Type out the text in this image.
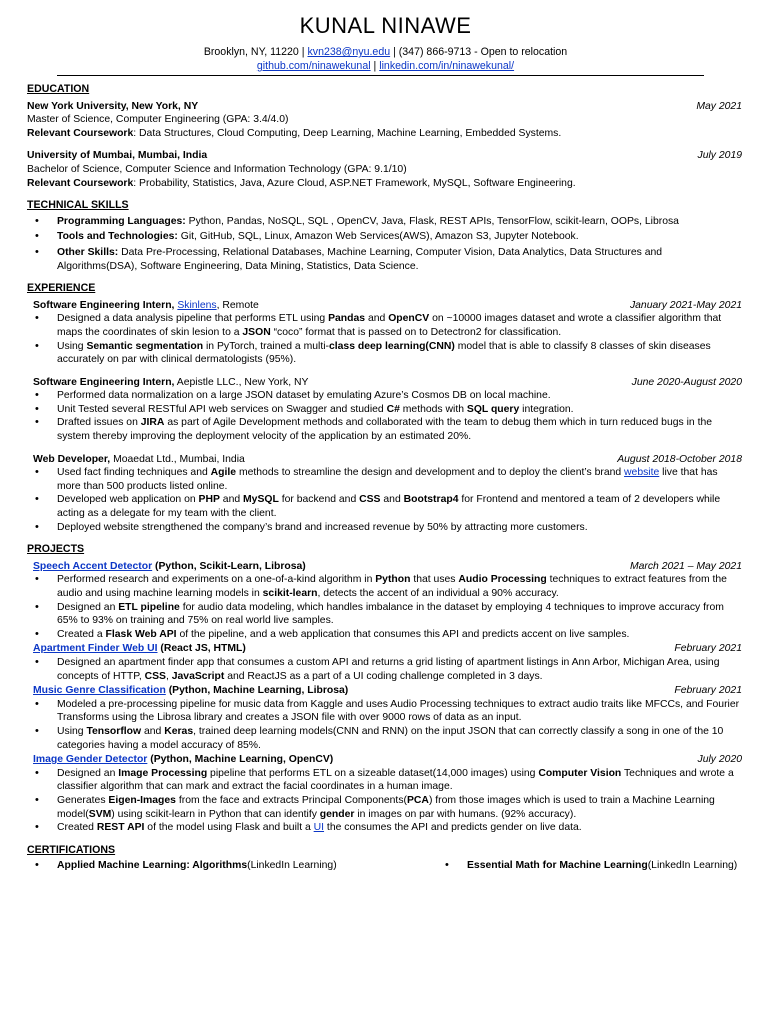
KUNAL NINAWE
Brooklyn, NY, 11220 | kvn238@nyu.edu | (347) 866-9713 - Open to relocation
github.com/ninawekunal | linkedin.com/in/ninawekunal/
EDUCATION
New York University, New York, NY	May 2021
Master of Science, Computer Engineering (GPA: 3.4/4.0)
Relevant Coursework: Data Structures, Cloud Computing, Deep Learning, Machine Learning, Embedded Systems.
University of Mumbai, Mumbai, India	July 2019
Bachelor of Science, Computer Science and Information Technology (GPA: 9.1/10)
Relevant Coursework: Probability, Statistics, Java, Azure Cloud, ASP.NET Framework, MySQL, Software Engineering.
TECHNICAL SKILLS
• Programming Languages: Python, Pandas, NoSQL, SQL , OpenCV, Java, Flask, REST APIs, TensorFlow, scikit-learn, OOPs, Librosa
• Tools and Technologies: Git, GitHub, SQL, Linux, Amazon Web Services(AWS), Amazon S3, Jupyter Notebook.
• Other Skills: Data Pre-Processing, Relational Databases, Machine Learning, Computer Vision, Data Analytics, Data Structures and Algorithms(DSA), Software Engineering, Data Mining, Statistics, Data Science.
EXPERIENCE
Software Engineering Intern, Skinlens, Remote	January 2021-May 2021
• Designed a data analysis pipeline that performs ETL using Pandas and OpenCV on ~10000 images dataset and wrote a classifier algorithm that maps the coordinates of skin lesion to a JSON “coco” format that is passed on to Detectron2 for classification.
• Using Semantic segmentation in PyTorch, trained a multi-class deep learning(CNN) model that is able to classify 8 classes of skin diseases accurately on par with clinical dermatologists (95%).
Software Engineering Intern, Aepistle LLC., New York, NY	June 2020-August 2020
• Performed data normalization on a large JSON dataset by emulating Azure’s Cosmos DB on local machine.
• Unit Tested several RESTful API web services on Swagger and studied C# methods with SQL query integration.
• Drafted issues on JIRA as part of Agile Development methods and collaborated with the team to debug them which in turn reduced bugs in the system thereby improving the deployment velocity of the application by an estimated 20%.
Web Developer, Moaedat Ltd., Mumbai, India	August 2018-October 2018
• Used fact finding techniques and Agile methods to streamline the design and development and to deploy the client’s brand website live that has more than 500 products listed online.
• Developed web application on PHP and MySQL for backend and CSS and Bootstrap4 for Frontend and mentored a team of 2 developers while acting as a delegate for my team with the client.
• Deployed website strengthened the company’s brand and increased revenue by 50% by attracting more customers.
PROJECTS
Speech Accent Detector (Python, Scikit-Learn, Librosa)	March 2021 – May 2021
• Performed research and experiments on a one-of-a-kind algorithm in Python that uses Audio Processing techniques to extract features from the audio and using machine learning models in scikit-learn, detects the accent of an individual a 90% accuracy.
• Designed an ETL pipeline for audio data modeling, which handles imbalance in the dataset by employing 4 techniques to improve accuracy from 65% to 93% on training and 75% on real world live samples.
• Created a Flask Web API of the pipeline, and a web application that consumes this API and predicts accent on live samples.
Apartment Finder Web UI (React JS, HTML)	February 2021
• Designed an apartment finder app that consumes a custom API and returns a grid listing of apartment listings in Ann Arbor, Michigan Area, using concepts of HTTP, CSS, JavaScript and ReactJS as a part of a UI coding challenge completed in 3 days.
Music Genre Classification (Python, Machine Learning, Librosa)	February 2021
• Modeled a pre-processing pipeline for music data from Kaggle and uses Audio Processing techniques to extract audio traits like MFCCs, and Fourier Transforms using the Librosa library and creates a JSON file with over 9000 rows of data as an input.
• Using Tensorflow and Keras, trained deep learning models(CNN and RNN) on the input JSON that can correctly classify a song in one of the 10 categories having a model accuracy of 85%.
Image Gender Detector (Python, Machine Learning, OpenCV)	July 2020
• Designed an Image Processing pipeline that performs ETL on a sizeable dataset(14,000 images) using Computer Vision Techniques and wrote a classifier algorithm that can mark and extract the facial coordinates in a human image.
• Generates Eigen-Images from the face and extracts Principal Components(PCA) from those images which is used to train a Machine Learning model(SVM) using scikit-learn in Python that can identify gender in images on par with humans. (92% accuracy).
• Created REST API of the model using Flask and built a UI the consumes the API and predicts gender on live data.
CERTIFICATIONS
• Applied Machine Learning: Algorithms(LinkedIn Learning)
•	Essential Math for Machine Learning(LinkedIn Learning)
